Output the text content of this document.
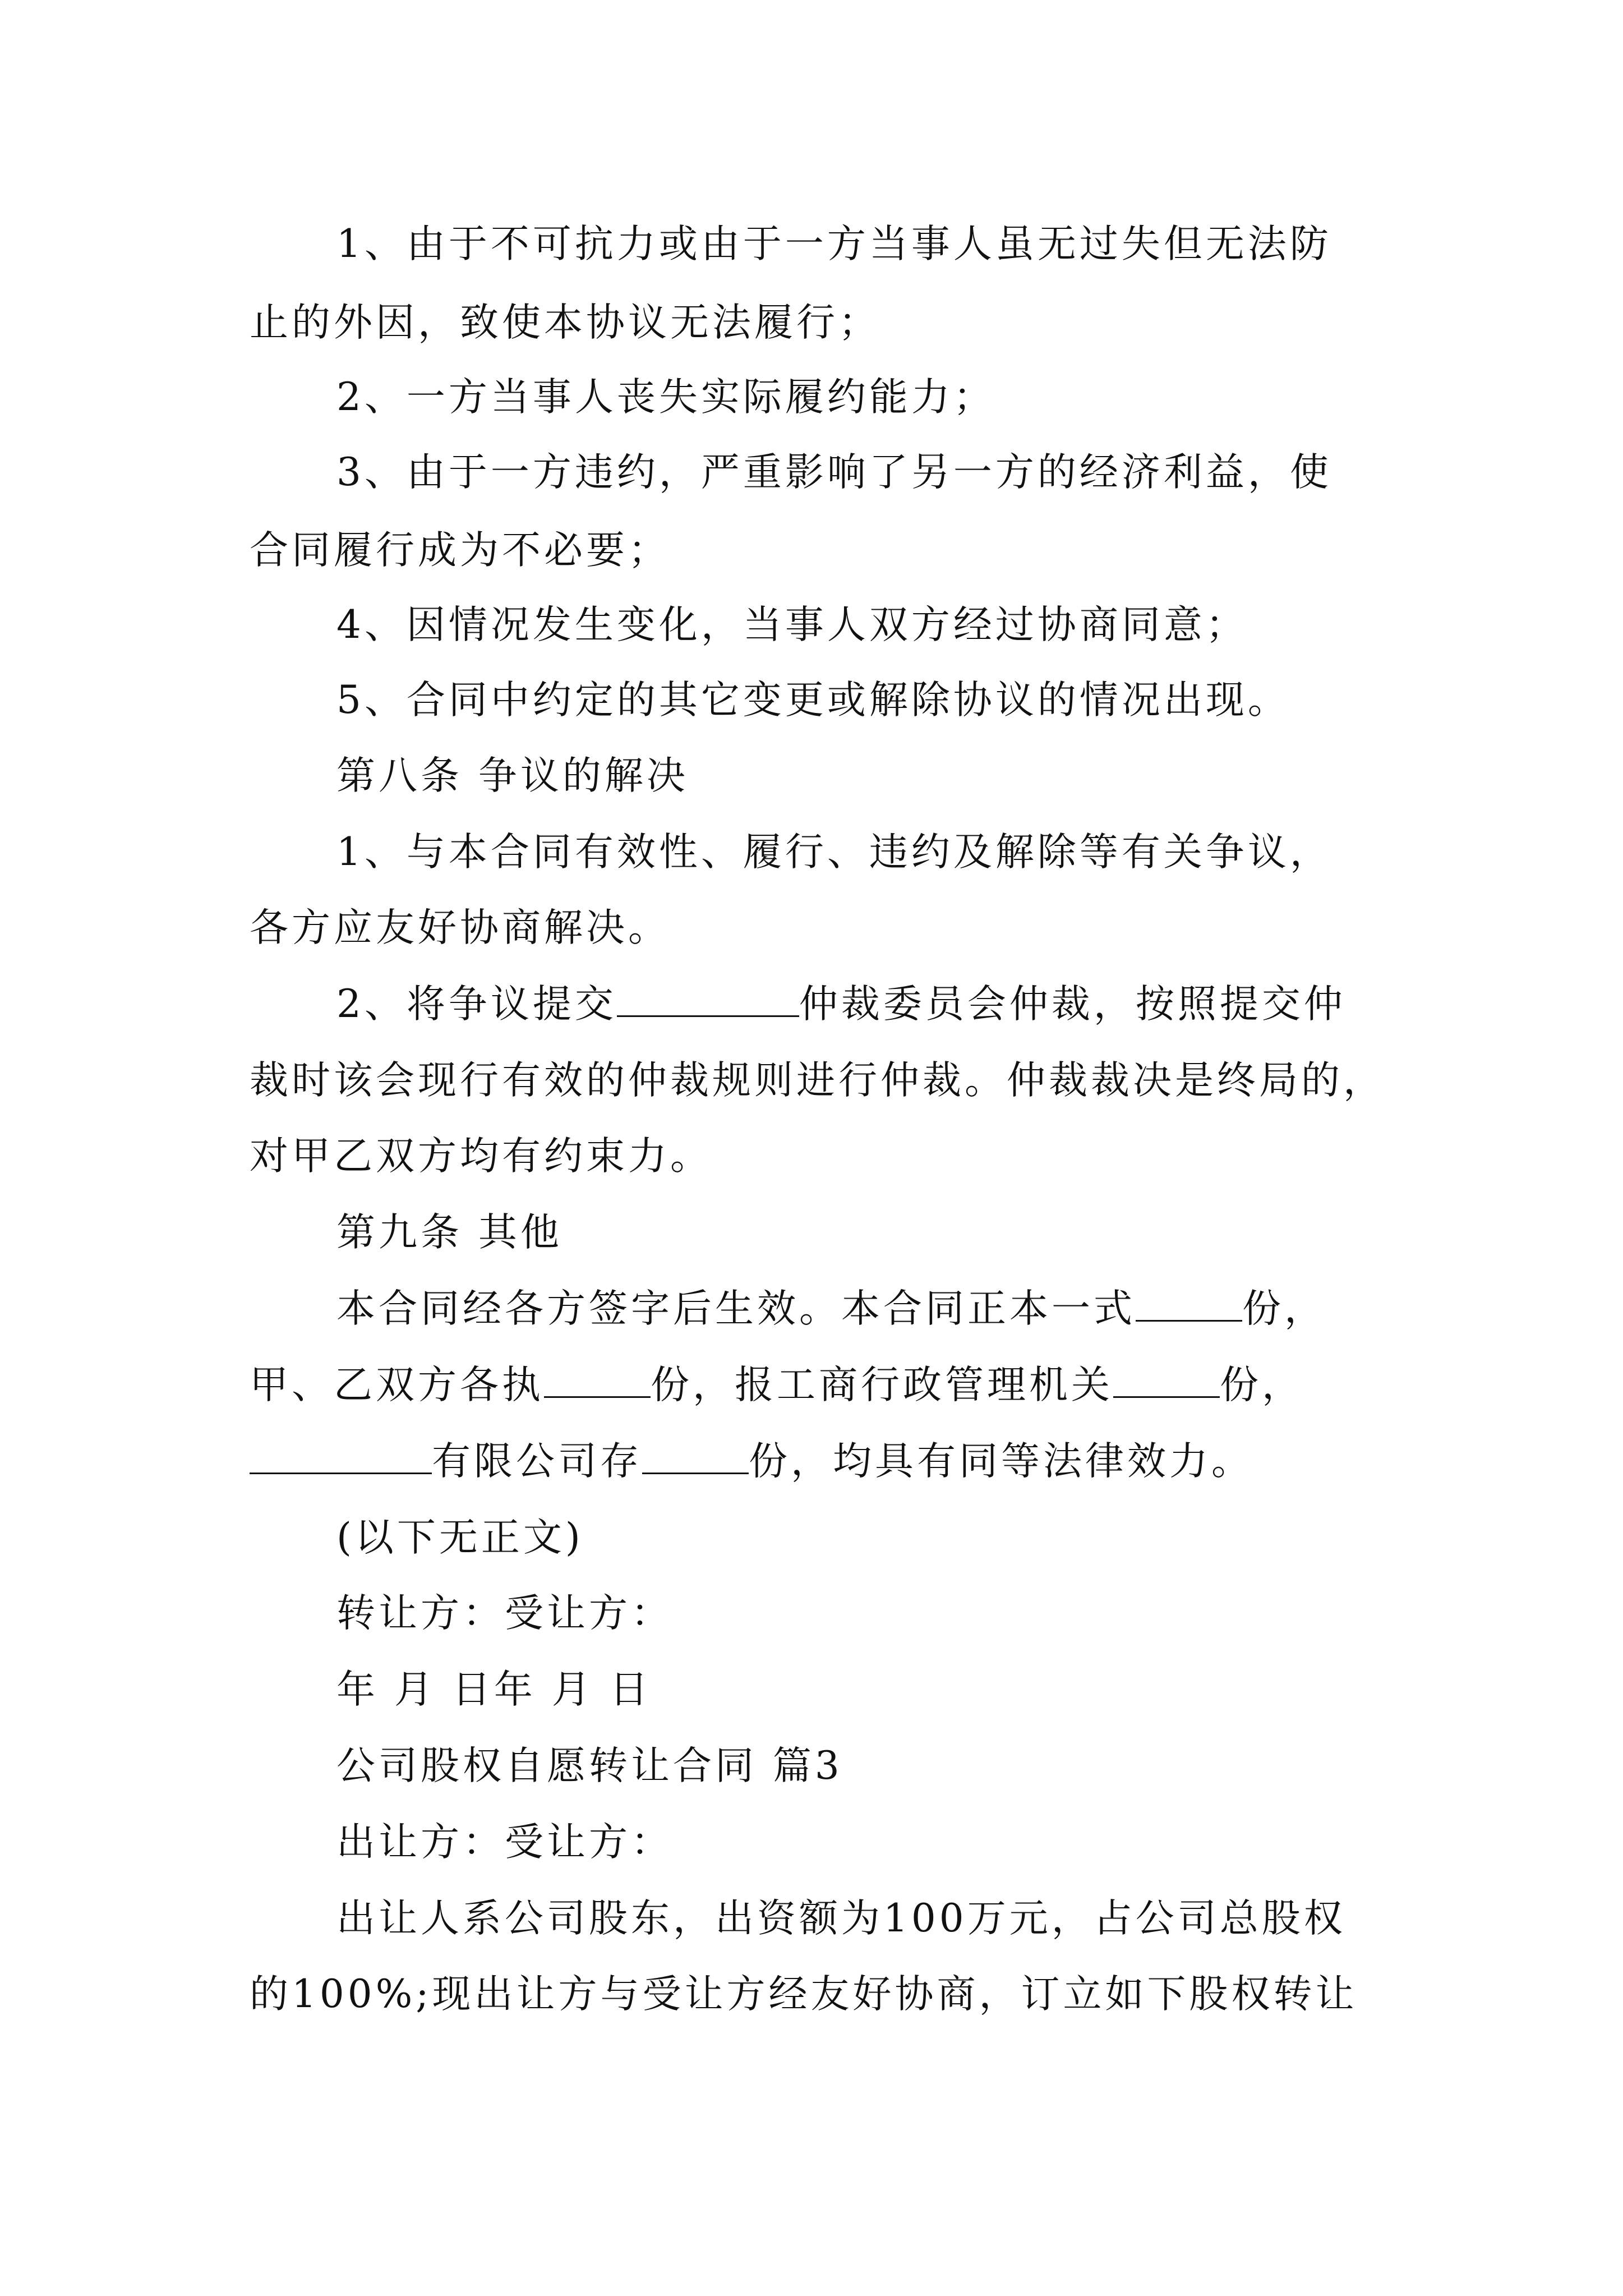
1、由于不可抗力或由于一方当事人虽无过失但无法防
止的外因，致使本协议无法履行；
2、一方当事人丧失实际履约能力；
3、由于一方违约，严重影响了另一方的经济利益，使
合同履行成为不必要；
4、因情况发生变化，当事人双方经过协商同意；
5、合同中约定的其它变更或解除协议的情况出现。
第八条 争议的解决
1、与本合同有效性、履行、违约及解除等有关争议，
各方应友好协商解决。
2、将争议提交	仲裁委员会仲裁，按照提交仲
裁时该会现行有效的仲裁规则进行仲裁。仲裁裁决是终局的，
对甲乙双方均有约束力。
第九条 其他
本合同经各方签字后生效。本合同正本一式	份，
甲、乙双方各执	份，报工商行政管理机关	份，
有限公司存	份，均具有同等法律效力。
(以下无正文)
转让方：受让方：
年 月 日年 月 日
公司股权自愿转让合同 篇3
出让方：受让方：
出让人系公司股东，出资额为100万元，占公司总股权
的100%;现出让方与受让方经友好协商，订立如下股权转让
